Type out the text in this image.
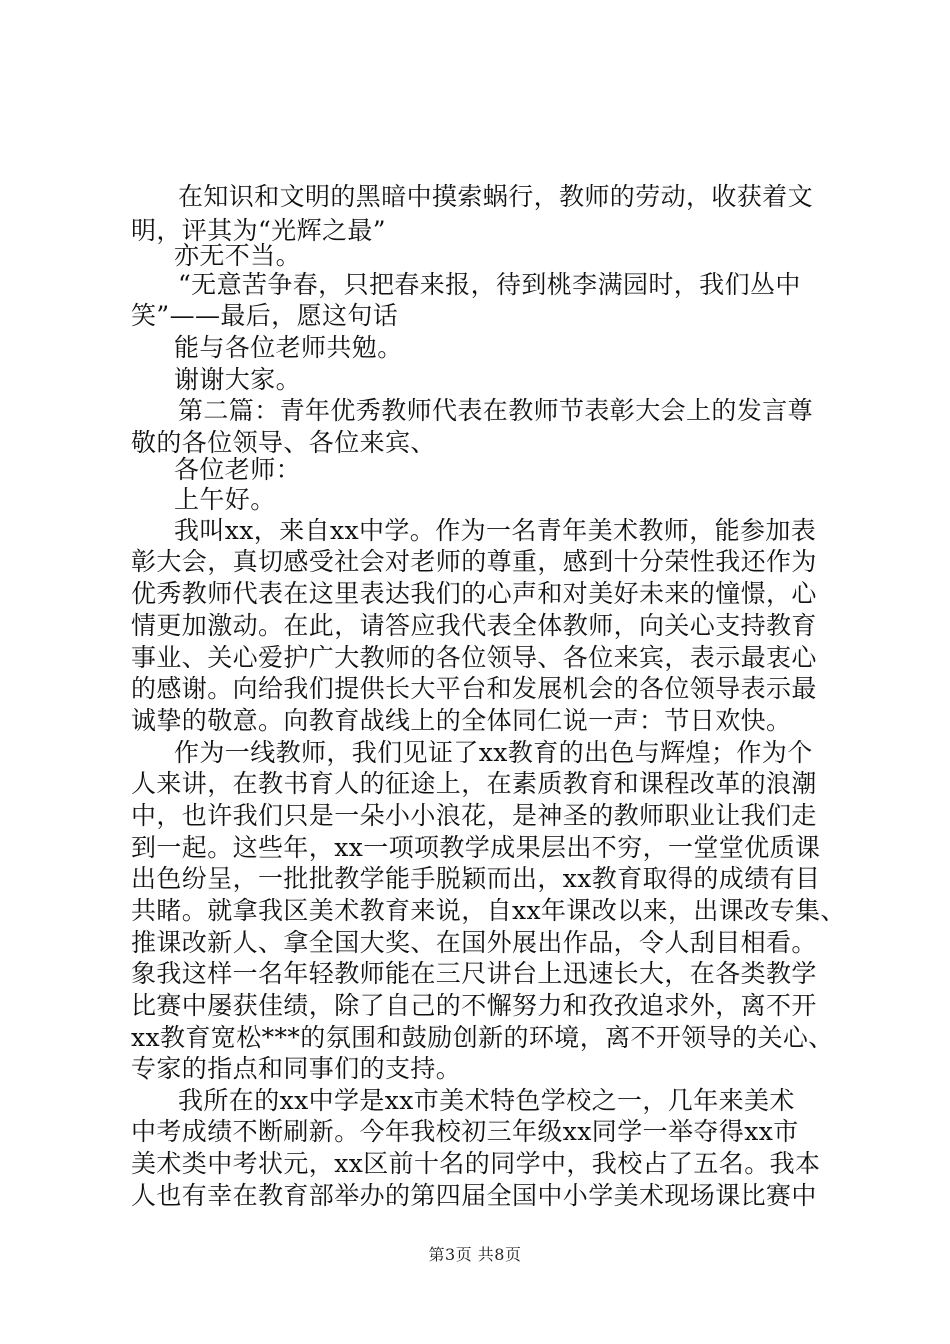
在知识和文明的黑暗中摸索蜗行，教师的劳动，收获着文
明，评其为“光辉之最”
亦无不当。
“无意苦争春，只把春来报，待到桃李满园时，我们丛中
笑”——最后，愿这句话
能与各位老师共勉。
谢谢大家。
第二篇：青年优秀教师代表在教师节表彰大会上的发言尊
敬的各位领导、各位来宾、
各位老师：
上午好。
我叫xx，来自xx中学。作为一名青年美术教师，能参加表
彰大会，真切感受社会对老师的尊重，感到十分荣性我还作为
优秀教师代表在这里表达我们的心声和对美好未来的憧憬，心
情更加激动。在此，请答应我代表全体教师，向关心支持教育
事业、关心爱护广大教师的各位领导、各位来宾，表示最衷心
的感谢。向给我们提供长大平台和发展机会的各位领导表示最
诚挚的敬意。向教育战线上的全体同仁说一声：节日欢快。
作为一线教师，我们见证了xx教育的出色与辉煌；作为个
人来讲，在教书育人的征途上，在素质教育和课程改革的浪潮
中，也许我们只是一朵小小浪花，是神圣的教师职业让我们走
到一起。这些年，xx一项项教学成果层出不穷，一堂堂优质课
出色纷呈，一批批教学能手脱颖而出，xx教育取得的成绩有目
共睹。就拿我区美术教育来说，自xx年课改以来，出课改专集、
推课改新人、拿全国大奖、在国外展出作品，令人刮目相看。
象我这样一名年轻教师能在三尺讲台上迅速长大，在各类教学
比赛中屡获佳绩，除了自己的不懈努力和孜孜追求外，离不开
xx教育宽松***的氛围和鼓励创新的环境，离不开领导的关心、
专家的指点和同事们的支持。
我所在的xx中学是xx市美术特色学校之一，几年来美术
中考成绩不断刷新。今年我校初三年级xx同学一举夺得xx市
美术类中考状元，xx区前十名的同学中，我校占了五名。我本
人也有幸在教育部举办的第四届全国中小学美术现场课比赛中
第3页 共8页
